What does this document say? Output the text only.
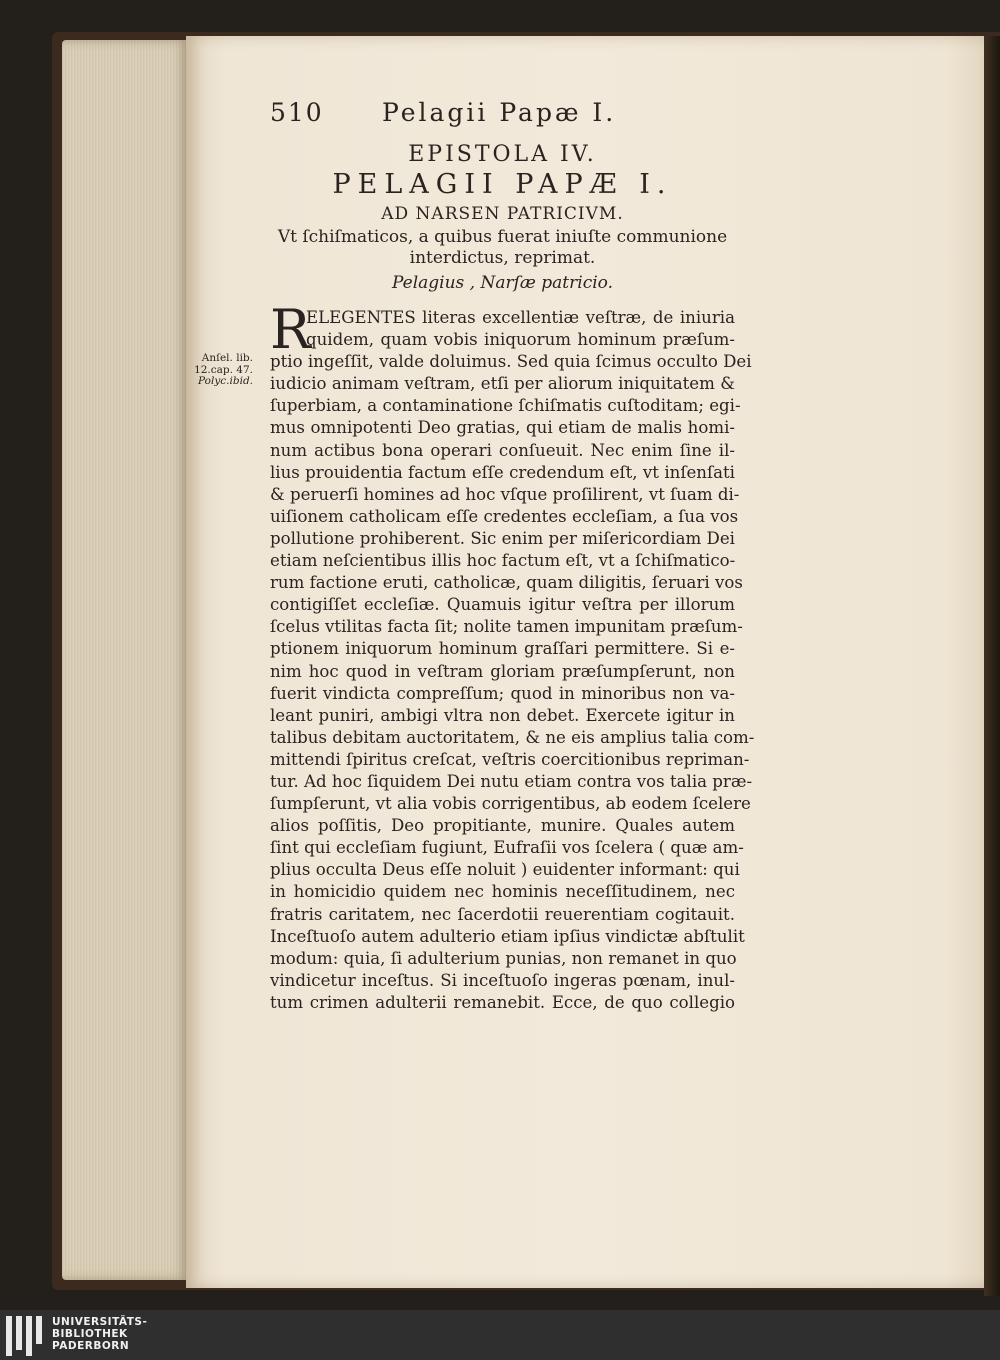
Anſel. lib.
12.cap. 47.
Polyc.ibid.
510 Pelagii Papæ I.
EPISTOLA IV.
PELAGII PAPÆ I.
AD NARSEN PATRICIVM.
Vt ſchiſmaticos, a quibus fuerat iniuſte communione
interdictus, reprimat.
Pelagius , Narſæ patricio.
R
ELEGENTES literas excellentiæ veſtræ, de iniuria
quidem, quam vobis iniquorum hominum præſum-
ptio ingeſſit, valde doluimus. Sed quia ſcimus occulto Dei
iudicio animam veſtram, etſi per aliorum iniquitatem &
ſuperbiam, a contaminatione ſchiſmatis cuſtoditam; egi-
mus omnipotenti Deo gratias, qui etiam de malis homi-
num actibus bona operari conſueuit. Nec enim ſine il-
lius prouidentia factum eſſe credendum eſt, vt inſenſati
& peruerſi homines ad hoc vſque proſilirent, vt ſuam di-
uiſionem catholicam eſſe credentes eccleſiam, a ſua vos
pollutione prohiberent. Sic enim per miſericordiam Dei
etiam neſcientibus illis hoc factum eſt, vt a ſchiſmatico-
rum factione eruti, catholicæ, quam diligitis, ſeruari vos
contigiſſet eccleſiæ. Quamuis igitur veſtra per illorum
ſcelus vtilitas facta ſit; nolite tamen impunitam præſum-
ptionem iniquorum hominum graſſari permittere. Si e-
nim hoc quod in veſtram gloriam præſumpſerunt, non
fuerit vindicta compreſſum; quod in minoribus non va-
leant puniri, ambigi vltra non debet. Exercete igitur in
talibus debitam auctoritatem, & ne eis amplius talia com-
mittendi ſpiritus creſcat, veſtris coercitionibus repriman-
tur. Ad hoc ſiquidem Dei nutu etiam contra vos talia præ-
ſumpſerunt, vt alia vobis corrigentibus, ab eodem ſcelere
alios poſſitis, Deo propitiante, munire. Quales autem
ſint qui eccleſiam fugiunt, Eufraſii vos ſcelera ( quæ am-
plius occulta Deus eſſe noluit ) euidenter informant: qui
in homicidio quidem nec hominis neceſſitudinem, nec
fratris caritatem, nec ſacerdotii reuerentiam cogitauit.
Inceſtuoſo autem adulterio etiam ipſius vindictæ abſtulit
modum: quia, ſi adulterium punias, non remanet in quo
vindicetur inceſtus. Si inceſtuoſo ingeras pœnam, inul-
tum crimen adulterii remanebit. Ecce, de quo collegio
UNIVERSITÄTS-
BIBLIOTHEK
PADERBORN
